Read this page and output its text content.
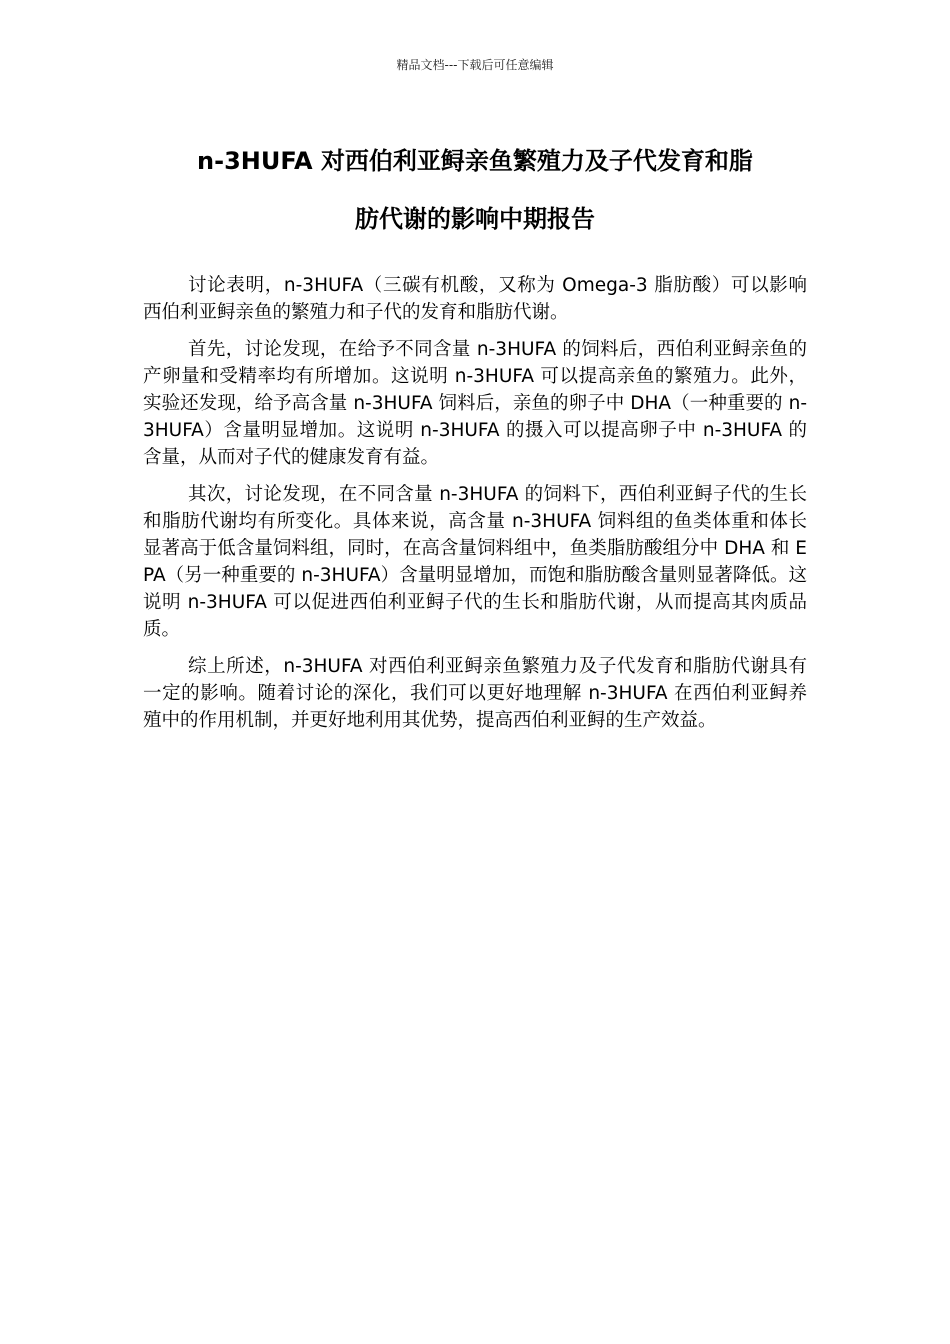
精品文档---下载后可任意编辑
n-3HUFA 对西伯利亚鲟亲鱼繁殖力及子代发育和脂
肪代谢的影响中期报告

讨论表明，n-3HUFA（三碳有机酸，又称为 Omega-3 脂肪酸）可以影响西伯利亚鲟亲鱼的繁殖力和子代的发育和脂肪代谢。

首先，讨论发现，在给予不同含量 n-3HUFA 的饲料后，西伯利亚鲟亲鱼的产卵量和受精率均有所增加。这说明 n-3HUFA 可以提高亲鱼的繁殖力。此外，实验还发现，给予高含量 n-3HUFA 饲料后，亲鱼的卵子中 DHA（一种重要的 n-3HUFA）含量明显增加。这说明 n-3HUFA 的摄入可以提高卵子中 n-3HUFA 的含量，从而对子代的健康发育有益。

其次，讨论发现，在不同含量 n-3HUFA 的饲料下，西伯利亚鲟子代的生长和脂肪代谢均有所变化。具体来说，高含量 n-3HUFA 饲料组的鱼类体重和体长显著高于低含量饲料组，同时，在高含量饲料组中，鱼类脂肪酸组分中 DHA 和 EPA（另一种重要的 n-3HUFA）含量明显增加，而饱和脂肪酸含量则显著降低。这说明 n-3HUFA 可以促进西伯利亚鲟子代的生长和脂肪代谢，从而提高其肉质品质。

综上所述，n-3HUFA 对西伯利亚鲟亲鱼繁殖力及子代发育和脂肪代谢具有一定的影响。随着讨论的深化，我们可以更好地理解 n-3HUFA 在西伯利亚鲟养殖中的作用机制，并更好地利用其优势，提高西伯利亚鲟的生产效益。
